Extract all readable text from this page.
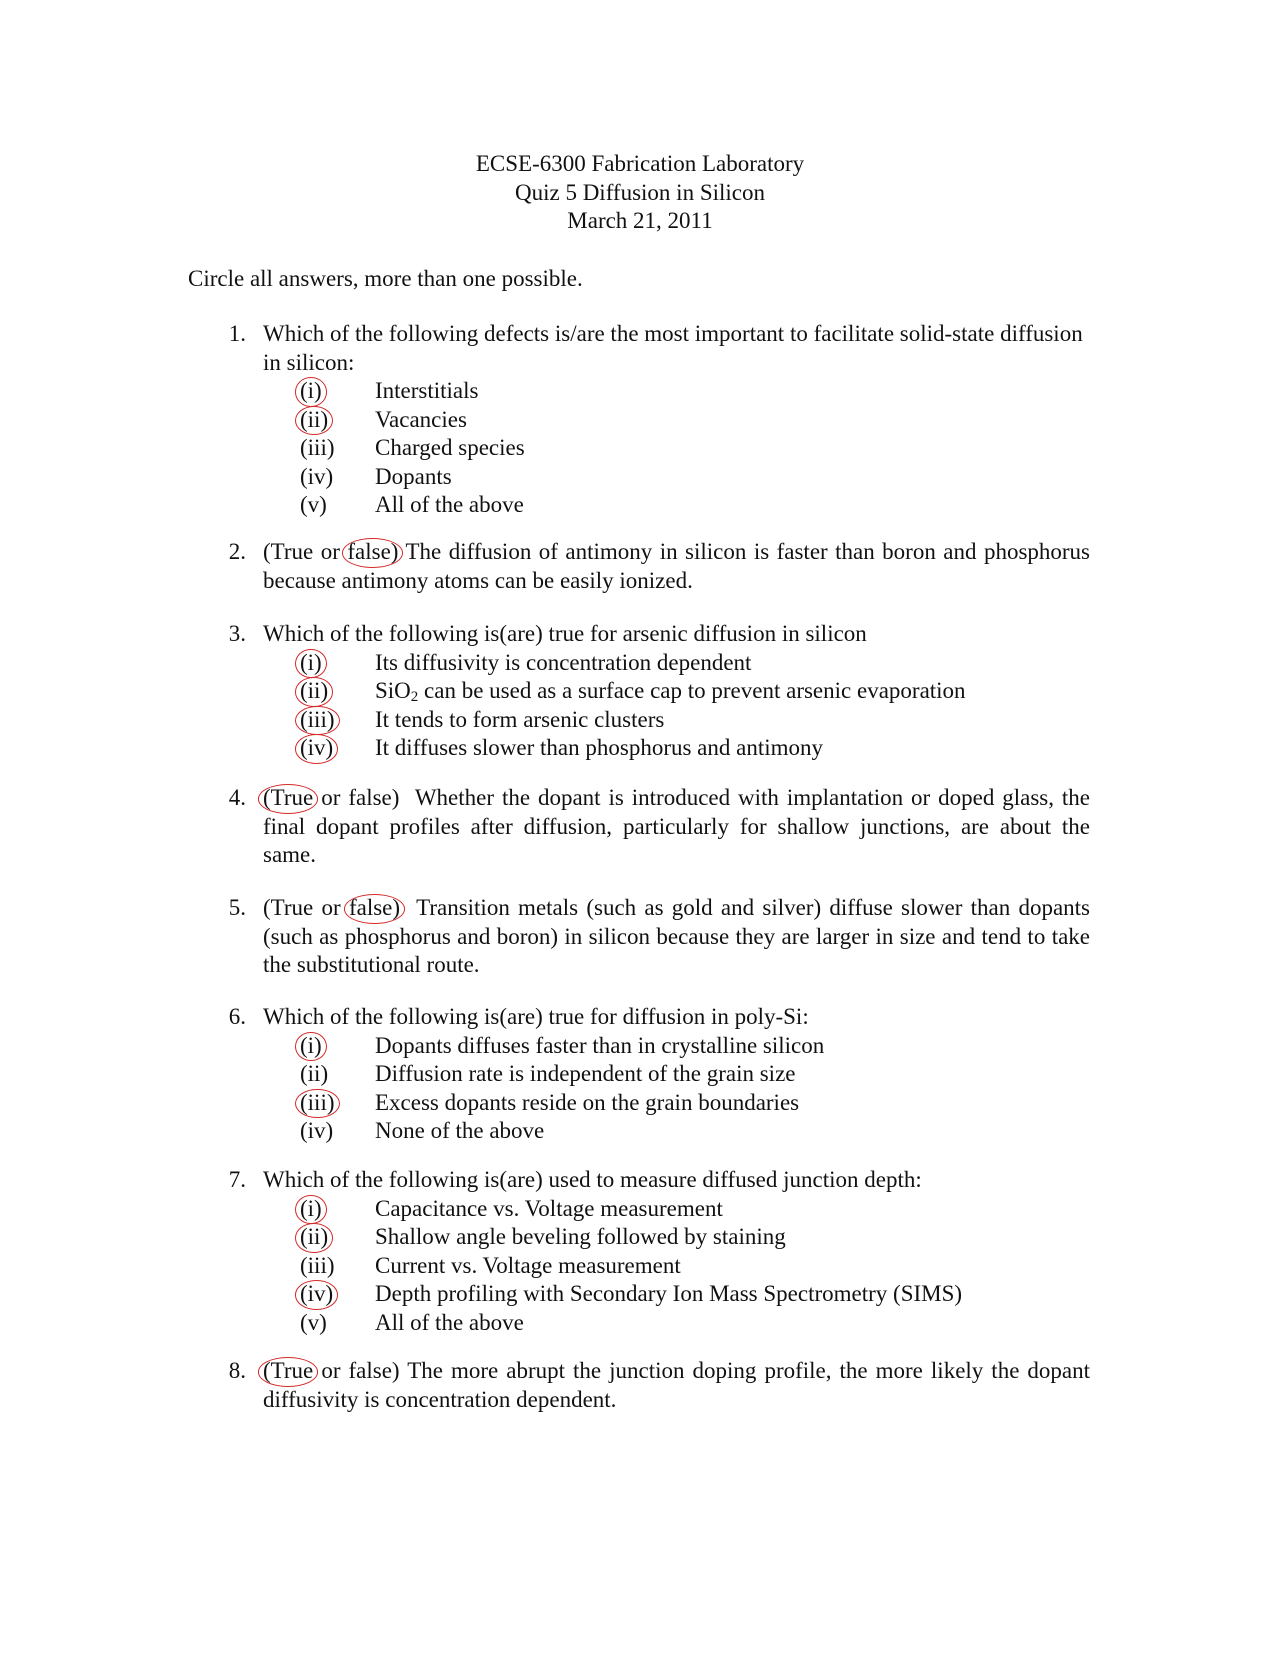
ECSE-6300 Fabrication Laboratory
Quiz 5 Diffusion in Silicon
March 21, 2011
Circle all answers, more than one possible.
1. Which of the following defects is/are the most important to facilitate solid-state diffusion in silicon:
(i) Interstitials
(ii) Vacancies
(iii) Charged species
(iv) Dopants
(v) All of the above
2. (True or false) The diffusion of antimony in silicon is faster than boron and phosphorus because antimony atoms can be easily ionized.
3. Which of the following is(are) true for arsenic diffusion in silicon
(i) Its diffusivity is concentration dependent
(ii) SiO$_2$ can be used as a surface cap to prevent arsenic evaporation
(iii) It tends to form arsenic clusters
(iv) It diffuses slower than phosphorus and antimony
4. (True or false) Whether the dopant is introduced with implantation or doped glass, the final dopant profiles after diffusion, particularly for shallow junctions, are about the same.
5. (True or false) Transition metals (such as gold and silver) diffuse slower than dopants (such as phosphorus and boron) in silicon because they are larger in size and tend to take the substitutional route.
6. Which of the following is(are) true for diffusion in poly-Si:
(i) Dopants diffuses faster than in crystalline silicon
(ii) Diffusion rate is independent of the grain size
(iii) Excess dopants reside on the grain boundaries
(iv) None of the above
7. Which of the following is(are) used to measure diffused junction depth:
(i) Capacitance vs. Voltage measurement
(ii) Shallow angle beveling followed by staining
(iii) Current vs. Voltage measurement
(iv) Depth profiling with Secondary Ion Mass Spectrometry (SIMS)
(v) All of the above
8. (True or false) The more abrupt the junction doping profile, the more likely the dopant diffusivity is concentration dependent.
